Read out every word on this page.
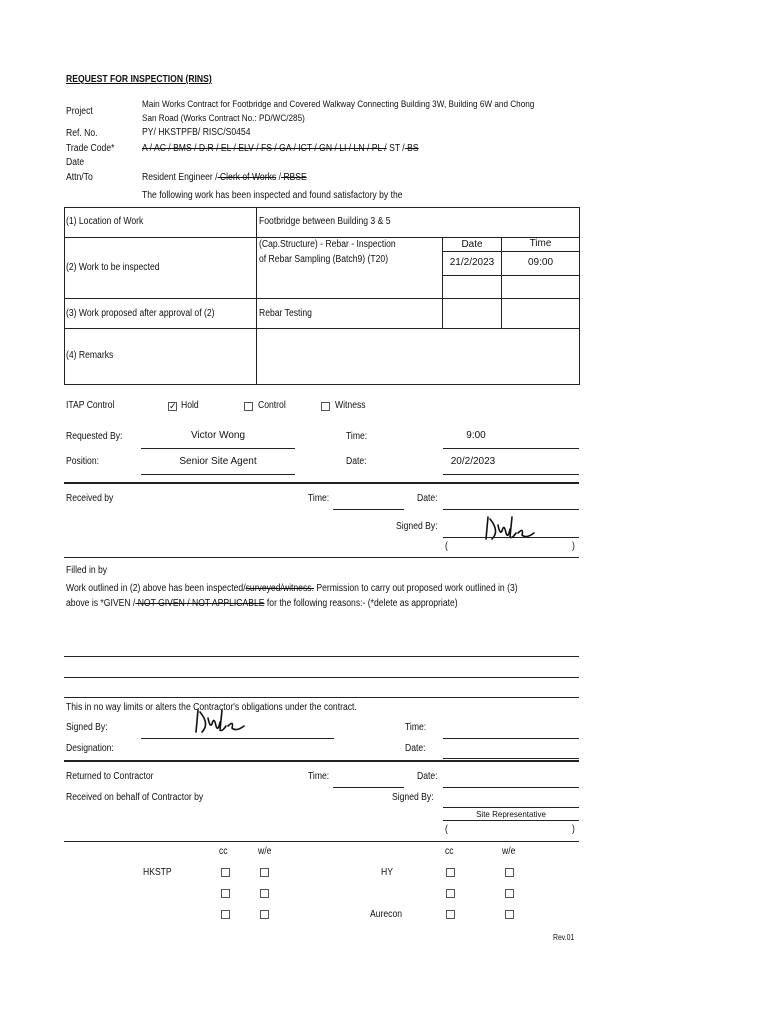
REQUEST FOR INSPECTION (RINS)
Project
Main Works Contract for Footbridge and Covered Walkway Connecting Building 3W, Building 6W and Chong
San Road (Works Contract No.: PD/WC/285)
Ref. No.	PY/ HKSTPFB/ RISC/S0454
Trade Code*	A / AC / BMS / D.R / EL / ELV / FS / GA / ICT / GN / LI / LN / PL / ST / BS
Date
Attn/To	Resident Engineer / Clerk of Works / RBSE
The following work has been inspected and found satisfactory by the
(1) Location of Work	Footbridge between Building 3 & 5
(2) Work to be inspected
(Cap.Structure) - Rebar - Inspection
of Rebar Sampling (Batch9) (T20)
Date	Time
21/2/2023	09:00
(3) Work proposed after approval of (2)	Rebar Testing
(4) Remarks
ITAP Control
✓	Hold	Control	Witness
Requested By:	Victor Wong	Time:	9:00
Position:	Senior Site Agent	Date:	20/2/2023
Received by	Time:	Date:
Signed By:
(	)
Filled in by
Work outlined in (2) above has been inspected/surveyed/witness. Permission to carry out proposed work outlined in (3)
above is *GIVEN / NOT GIVEN / NOT APPLICABLE for the following reasons:- (*delete as appropriate)
This in no way limits or alters the Contractor's obligations under the contract.
Signed By:	Time:
Designation:	Date:
Returned to Contractor	Time:	Date:
Received on behalf of Contractor by	Signed By:
Site Representative
(	)
cc	w/e	cc	w/e
HKSTP	HY
Aurecon
Rev.01
